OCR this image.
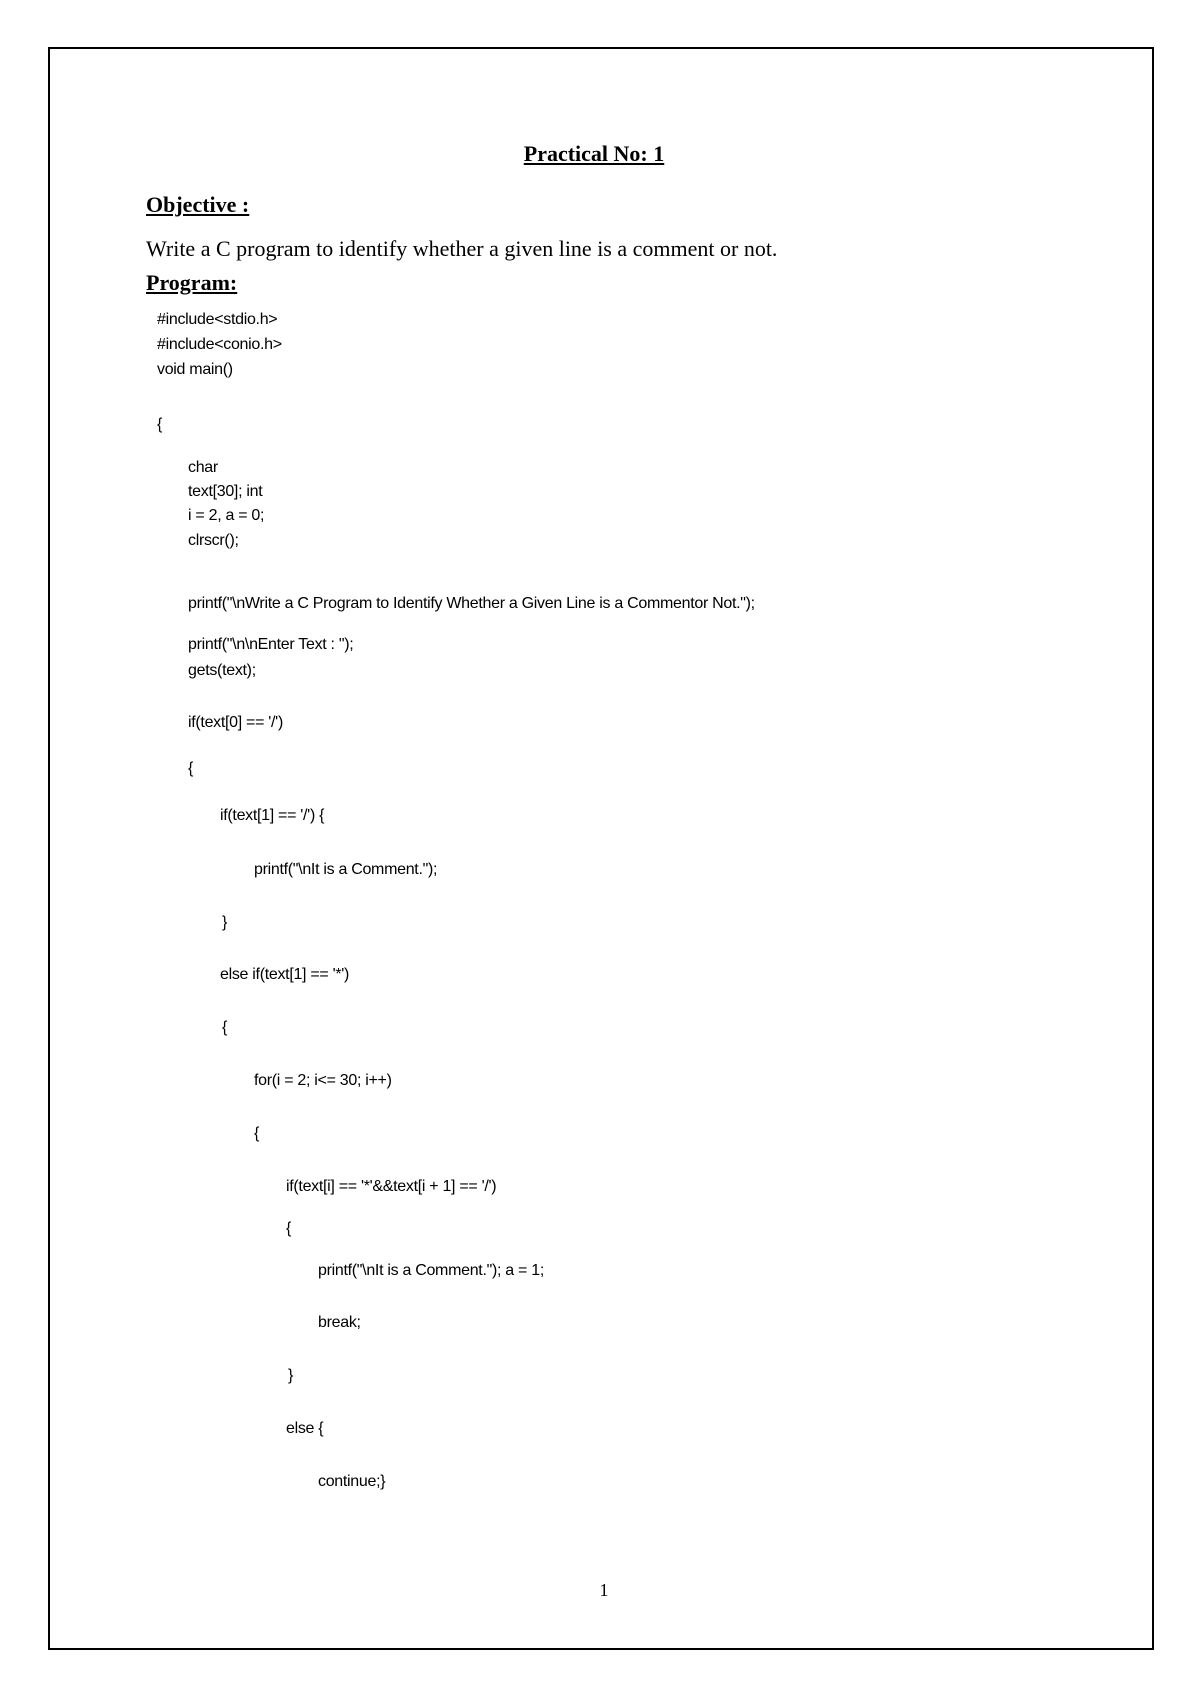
Practical No: 1
Objective :
Write a C program to identify whether a given line is a comment or not.
Program:
#include<stdio.h>
#include<conio.h>
void main()
{
char
text[30]; int
i = 2, a = 0;
clrscr();
printf("\nWrite a C Program to Identify Whether a Given Line is a Commentor Not.");
printf("\n\nEnter Text : ");
gets(text);
if(text[0] == '/')
{
if(text[1] == '/') {
printf("\nIt is a Comment.");
}
else if(text[1] == '*')
{
for(i = 2; i<= 30; i++)
{
if(text[i] == '*'&&text[i + 1] == '/')
{
printf("\nIt is a Comment."); a = 1;
break;
}
else {
continue;}
1
